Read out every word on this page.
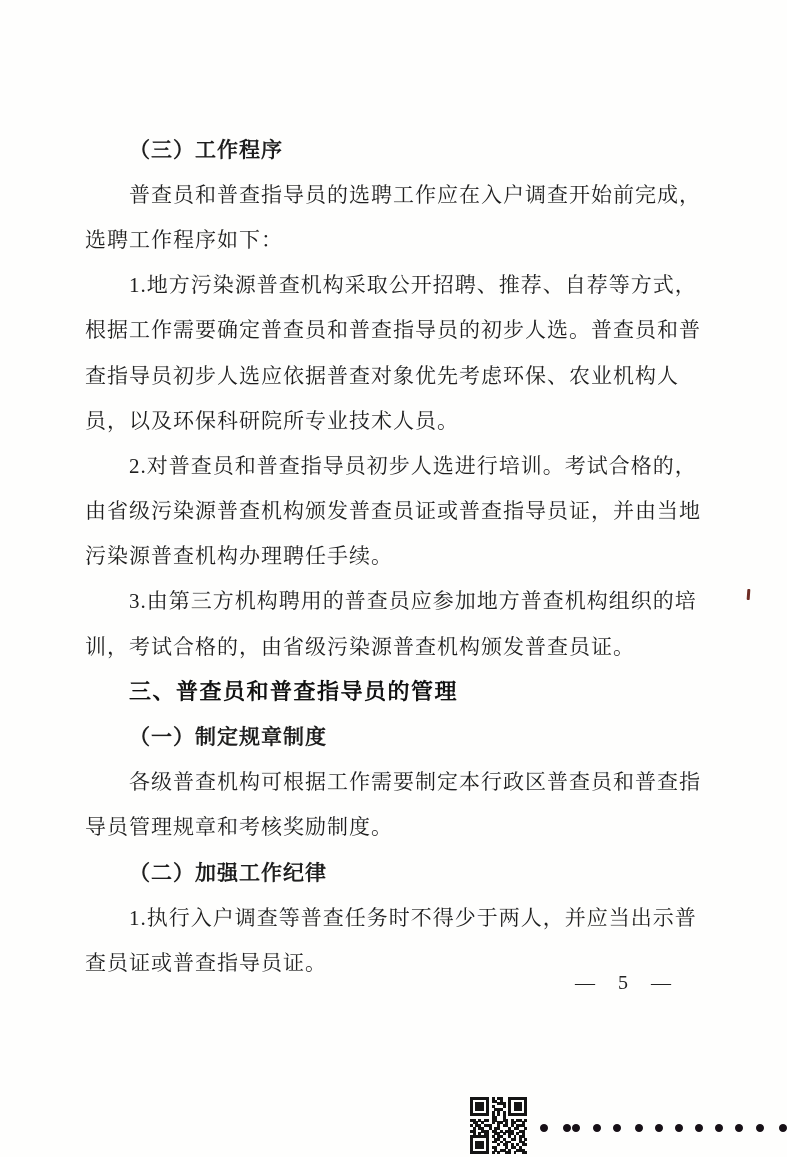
（三）工作程序
普查员和普查指导员的选聘工作应在入户调查开始前完成，
选聘工作程序如下：
1.地方污染源普查机构采取公开招聘、推荐、自荐等方式，
根据工作需要确定普查员和普查指导员的初步人选。普查员和普
查指导员初步人选应依据普查对象优先考虑环保、农业机构人
员，以及环保科研院所专业技术人员。
2.对普查员和普查指导员初步人选进行培训。考试合格的，
由省级污染源普查机构颁发普查员证或普查指导员证，并由当地
污染源普查机构办理聘任手续。
3.由第三方机构聘用的普查员应参加地方普查机构组织的培
训，考试合格的，由省级污染源普查机构颁发普查员证。
三、普查员和普查指导员的管理
（一）制定规章制度
各级普查机构可根据工作需要制定本行政区普查员和普查指
导员管理规章和考核奖励制度。
（二）加强工作纪律
1.执行入户调查等普查任务时不得少于两人，并应当出示普
查员证或普查指导员证。
— 5 —
